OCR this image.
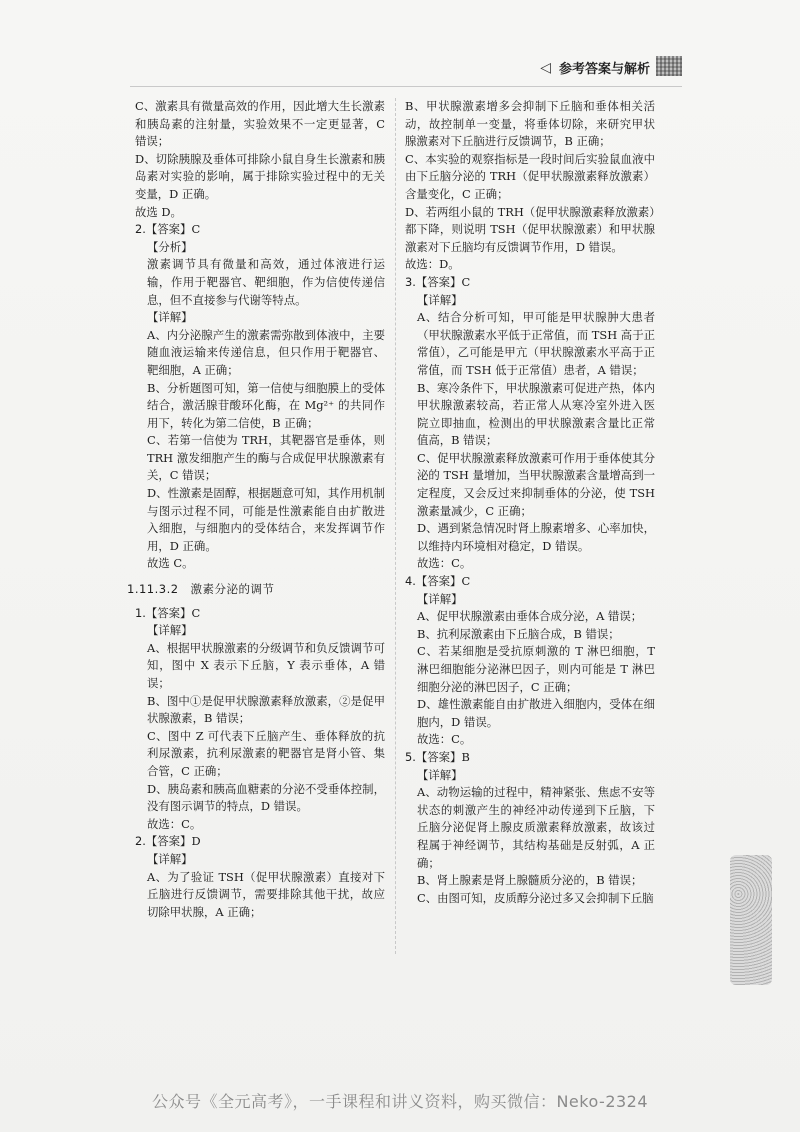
◁ 参考答案与解析

C、激素具有微量高效的作用，因此增大生长激素和胰岛素的注射量，实验效果不一定更显著，C 错误；

D、切除胰腺及垂体可排除小鼠自身生长激素和胰岛素对实验的影响，属于排除实验过程中的无关变量，D 正确。

故选 D。

2.【答案】C

【分析】

激素调节具有微量和高效，通过体液进行运输，作用于靶器官、靶细胞，作为信使传递信息，但不直接参与代谢等特点。

【详解】

A、内分泌腺产生的激素需弥散到体液中，主要随血液运输来传递信息，但只作用于靶器官、靶细胞，A 正确；

B、分析题图可知，第一信使与细胞膜上的受体结合，激活腺苷酸环化酶，在 Mg²⁺ 的共同作用下，转化为第二信使，B 正确；

C、若第一信使为 TRH，其靶器官是垂体，则 TRH 激发细胞产生的酶与合成促甲状腺激素有关，C 错误；

D、性激素是固醇，根据题意可知，其作用机制与图示过程不同，可能是性激素能自由扩散进入细胞，与细胞内的受体结合，来发挥调节作用，D 正确。

故选 C。

1.11.3.2　激素分泌的调节

1.【答案】C

【详解】

A、根据甲状腺激素的分级调节和负反馈调节可知，图中 X 表示下丘脑，Y 表示垂体，A 错误；

B、图中①是促甲状腺激素释放激素，②是促甲状腺激素，B 错误；

C、图中 Z 可代表下丘脑产生、垂体释放的抗利尿激素，抗利尿激素的靶器官是肾小管、集合管，C 正确；

D、胰岛素和胰高血糖素的分泌不受垂体控制，没有图示调节的特点，D 错误。

故选：C。

2.【答案】D

【详解】

A、为了验证 TSH（促甲状腺激素）直接对下丘脑进行反馈调节，需要排除其他干扰，故应切除甲状腺，A 正确；

B、甲状腺激素增多会抑制下丘脑和垂体相关活动，故控制单一变量，将垂体切除，来研究甲状腺激素对下丘脑进行反馈调节，B 正确；

C、本实验的观察指标是一段时间后实验鼠血液中由下丘脑分泌的 TRH（促甲状腺激素释放激素）含量变化，C 正确；

D、若两组小鼠的 TRH（促甲状腺激素释放激素）都下降，则说明 TSH（促甲状腺激素）和甲状腺激素对下丘脑均有反馈调节作用，D 错误。

故选：D。

3.【答案】C

【详解】

A、结合分析可知，甲可能是甲状腺肿大患者（甲状腺激素水平低于正常值，而 TSH 高于正常值），乙可能是甲亢（甲状腺激素水平高于正常值，而 TSH 低于正常值）患者，A 错误；

B、寒冷条件下，甲状腺激素可促进产热，体内甲状腺激素较高，若正常人从寒冷室外进入医院立即抽血，检测出的甲状腺激素含量比正常值高，B 错误；

C、促甲状腺激素释放激素可作用于垂体使其分泌的 TSH 量增加，当甲状腺激素含量增高到一定程度，又会反过来抑制垂体的分泌，使 TSH 激素量减少，C 正确；

D、遇到紧急情况时肾上腺素增多、心率加快，以维持内环境相对稳定，D 错误。

故选：C。

4.【答案】C

【详解】

A、促甲状腺激素由垂体合成分泌，A 错误；

B、抗利尿激素由下丘脑合成，B 错误；

C、若某细胞是受抗原刺激的 T 淋巴细胞，T 淋巴细胞能分泌淋巴因子，则内可能是 T 淋巴细胞分泌的淋巴因子，C 正确；

D、雄性激素能自由扩散进入细胞内，受体在细胞内，D 错误。

故选：C。

5.【答案】B

【详解】

A、动物运输的过程中，精神紧张、焦虑不安等状态的刺激产生的神经冲动传递到下丘脑，下丘脑分泌促肾上腺皮质激素释放激素，故该过程属于神经调节，其结构基础是反射弧，A 正确；

B、肾上腺素是肾上腺髓质分泌的，B 错误；

C、由图可知，皮质醇分泌过多又会抑制下丘脑

公众号《全元高考》，一手课程和讲义资料，购买微信：Neko-2324
